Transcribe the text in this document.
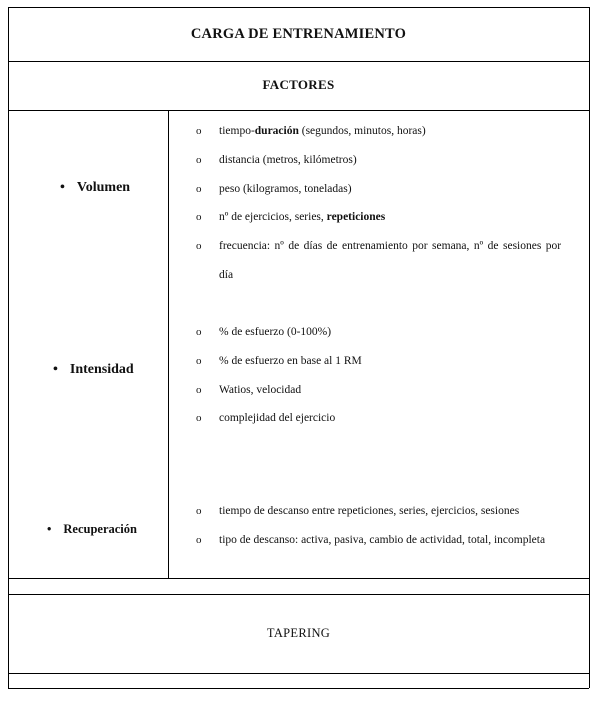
CARGA DE ENTRENAMIENTO
FACTORES
• Volumen
• Intensidad
• Recuperación
o tiempo-duración (segundos, minutos, horas)
o distancia (metros, kilómetros)
o peso (kilogramos, toneladas)
o nº de ejercicios, series, repeticiones
o frecuencia: nº de días de entrenamiento por semana, nº de sesiones por
día
o % de esfuerzo (0-100%)
o % de esfuerzo en base al 1 RM
o Watios, velocidad
o complejidad del ejercicio
o tiempo de descanso entre repeticiones, series, ejercicios, sesiones
o tipo de descanso: activa, pasiva, cambio de actividad, total, incompleta
TAPERING
